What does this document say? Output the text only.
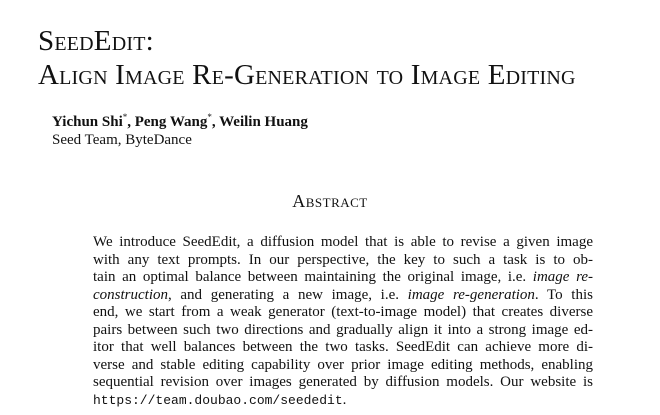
SeedEdit:
Align Image Re-Generation to Image Editing
Yichun Shi*, Peng Wang*, Weilin Huang
Seed Team, ByteDance
Abstract
We introduce SeedEdit, a diffusion model that is able to revise a given image
with any text prompts. In our perspective, the key to such a task is to ob-
tain an optimal balance between maintaining the original image, i.e. image re-
construction, and generating a new image, i.e. image re-generation. To this
end, we start from a weak generator (text-to-image model) that creates diverse
pairs between such two directions and gradually align it into a strong image ed-
itor that well balances between the two tasks. SeedEdit can achieve more di-
verse and stable editing capability over prior image editing methods, enabling
sequential revision over images generated by diffusion models. Our website is
https://team.doubao.com/seededit.
